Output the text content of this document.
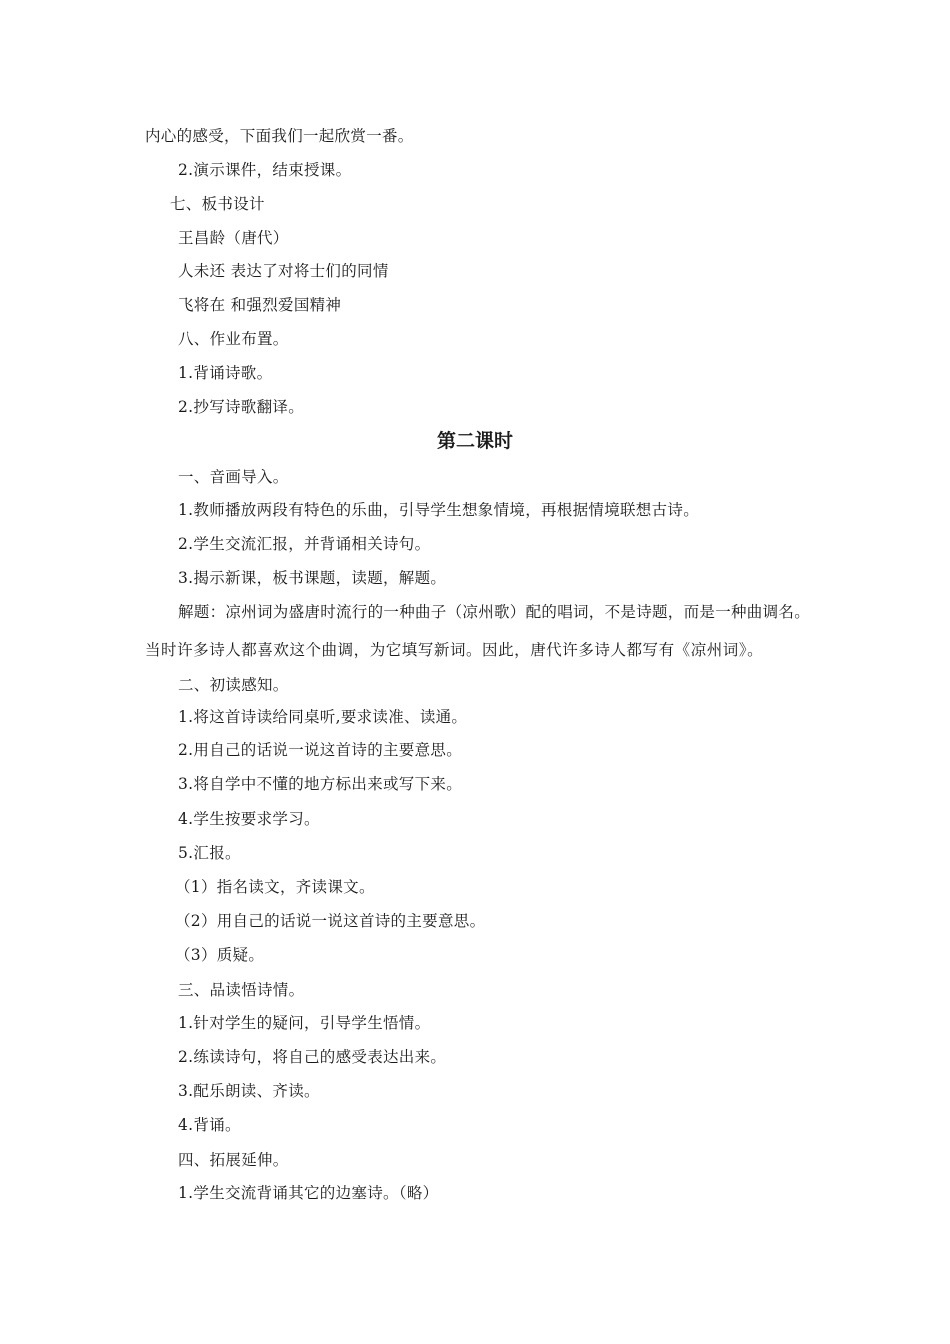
内心的感受，下面我们一起欣赏一番。
2.演示课件，结束授课。
七、板书设计
王昌龄（唐代）
人未还 表达了对将士们的同情
飞将在 和强烈爱国精神
八、作业布置。
1.背诵诗歌。
2.抄写诗歌翻译。
第二课时
一、音画导入。
1.教师播放两段有特色的乐曲，引导学生想象情境，再根据情境联想古诗。
2.学生交流汇报，并背诵相关诗句。
3.揭示新课，板书课题，读题，解题。
解题：凉州词为盛唐时流行的一种曲子（凉州歌）配的唱词，不是诗题，而是一种曲调名。
当时许多诗人都喜欢这个曲调，为它填写新词。因此，唐代许多诗人都写有《凉州词》。
二、初读感知。
1.将这首诗读给同桌听,要求读准、读通。
2.用自己的话说一说这首诗的主要意思。
3.将自学中不懂的地方标出来或写下来。
4.学生按要求学习。
5.汇报。
（1）指名读文，齐读课文。
（2）用自己的话说一说这首诗的主要意思。
（3）质疑。
三、品读悟诗情。
1.针对学生的疑问，引导学生悟情。
2.练读诗句，将自己的感受表达出来。
3.配乐朗读、齐读。
4.背诵。
四、拓展延伸。
1.学生交流背诵其它的边塞诗。（略）
